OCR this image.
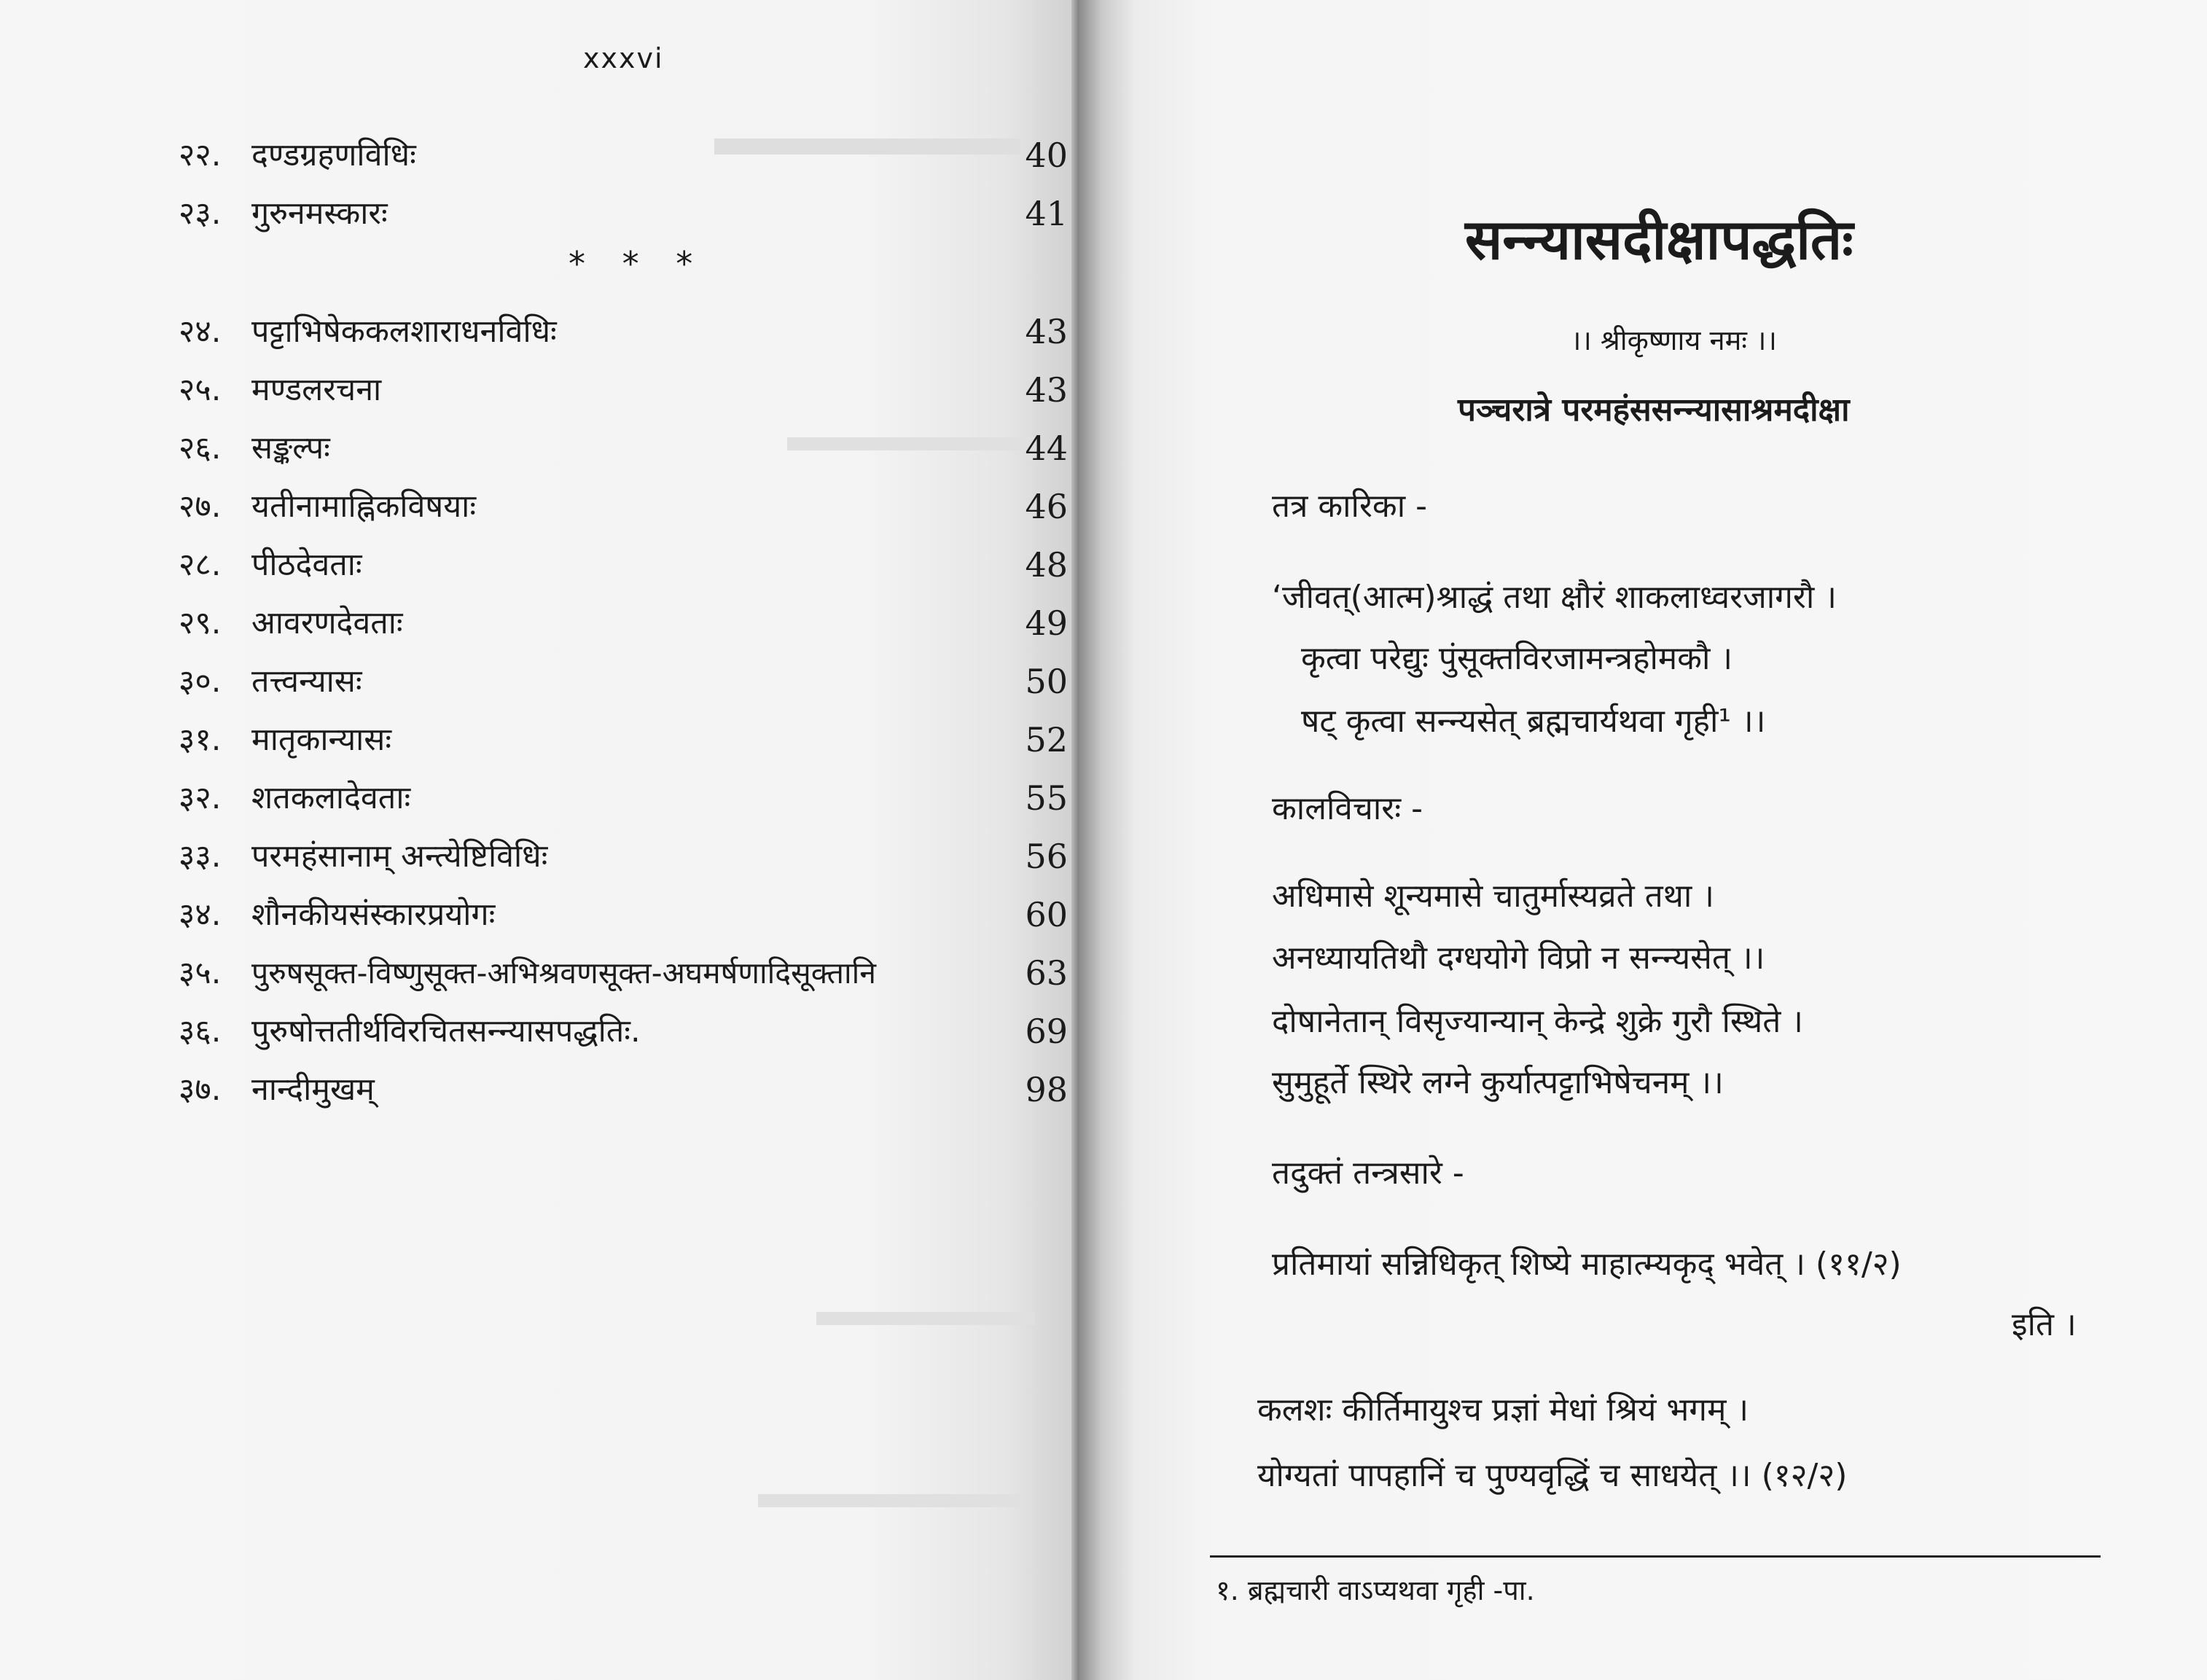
xxxvi
२२. दण्डग्रहणविधिः	40
२३. गुरुनमस्कारः	41
* * *
२४. पट्टाभिषेककलशाराधनविधिः	43
२५. मण्डलरचना	43
२६. सङ्कल्पः	44
२७. यतीनामाह्निकविषयाः	46
२८. पीठदेवताः	48
२९. आवरणदेवताः	49
३०. तत्त्वन्यासः	50
३१. मातृकान्यासः	52
३२. शतकलादेवताः	55
३३. परमहंसानाम् अन्त्येष्टिविधिः	56
३४. शौनकीयसंस्कारप्रयोगः	60
३५. पुरुषसूक्त-विष्णुसूक्त-अभिश्रवणसूक्त-अघमर्षणादिसूक्तानि	63
३६. पुरुषोत्ततीर्थविरचितसन्न्यासपद्धतिः.	69
३७. नान्दीमुखम्	98
सन्न्यासदीक्षापद्धतिः
।। श्रीकृष्णाय नमः ।।
पञ्चरात्रे परमहंससन्न्यासाश्रमदीक्षा
तत्र कारिका -
‘जीवत्(आत्म)श्राद्धं तथा क्षौरं शाकलाध्वरजागरौ ।
कृत्वा परेद्युः पुंसूक्तविरजामन्त्रहोमकौ ।
षट् कृत्वा सन्न्यसेत् ब्रह्मचार्यथवा गृही¹ ।।
कालविचारः -
अधिमासे शून्यमासे चातुर्मास्यव्रते तथा ।
अनध्यायतिथौ दग्धयोगे विप्रो न सन्न्यसेत् ।।
दोषानेतान् विसृज्यान्यान् केन्द्रे शुक्रे गुरौ स्थिते ।
सुमुहूर्ते स्थिरे लग्ने कुर्यात्पट्टाभिषेचनम् ।।
तदुक्तं तन्त्रसारे -
प्रतिमायां सन्निधिकृत् शिष्ये माहात्म्यकृद् भवेत् । (११/२)
इति ।
कलशः कीर्तिमायुश्च प्रज्ञां मेधां श्रियं भगम् ।
योग्यतां पापहानिं च पुण्यवृद्धिं च साधयेत् ।। (१२/२)
१. ब्रह्मचारी वाऽप्यथवा गृही -पा.
